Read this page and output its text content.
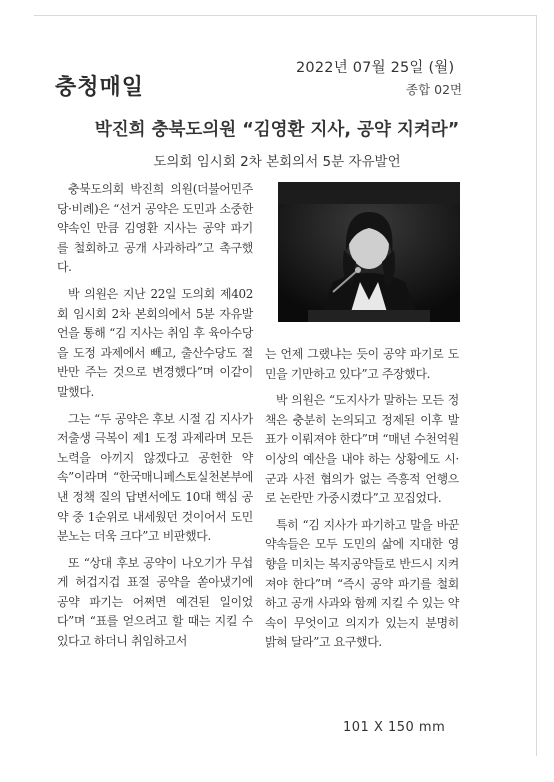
2022년 07월 25일 (월)
충청매일	종합 02면
박진희 충북도의원 “김영환 지사, 공약 지켜라”
도의회 임시회 2차 본회의서 5분 자유발언

충북도의회 박진희 의원(더불어민주당·비례)은 “선거 공약은 도민과 소중한 약속인 만큼 김영환 지사는 공약 파기를 철회하고 공개 사과하라”고 촉구했다.

박 의원은 지난 22일 도의회 제402회 임시회 2차 본회의에서 5분 자유발언을 통해 “김 지사는 취임 후 육아수당을 도정 과제에서 빼고, 출산수당도 절반만 주는 것으로 변경했다”며 이같이 말했다.

그는 “두 공약은 후보 시절 김 지사가 저출생 극복이 제1 도정 과제라며 모든 노력을 아끼지 않겠다고 공헌한 약속”이라며 “한국매니페스토실천본부에 낸 정책 질의 답변서에도 10대 핵심 공약 중 1순위로 내세웠던 것이어서 도민 분노는 더욱 크다”고 비판했다.

또 “상대 후보 공약이 나오기가 무섭게 허겁지겁 표절 공약을 쏟아냈기에 공약 파기는 어쩌면 예견된 일이었다”며 “표를 얻으려고 할 때는 지킬 수 있다고 하더니 취임하고서

는 언제 그랬냐는 듯이 공약 파기로 도민을 기만하고 있다”고 주장했다.

박 의원은 “도지사가 말하는 모든 정책은 충분히 논의되고 정제된 이후 발표가 이뤄져야 한다”며 “매년 수천억원 이상의 예산을 내야 하는 상황에도 시·군과 사전 협의가 없는 즉흥적 언행으로 논란만 가중시켰다”고 꼬집었다.

특히 “김 지사가 파기하고 말을 바꾼 약속들은 모두 도민의 삶에 지대한 영향을 미치는 복지공약들로 반드시 지켜져야 한다”며 “즉시 공약 파기를 철회하고 공개 사과와 함께 지킬 수 있는 약속이 무엇이고 의지가 있는지 분명히 밝혀 달라”고 요구했다.

101 X 150 mm
